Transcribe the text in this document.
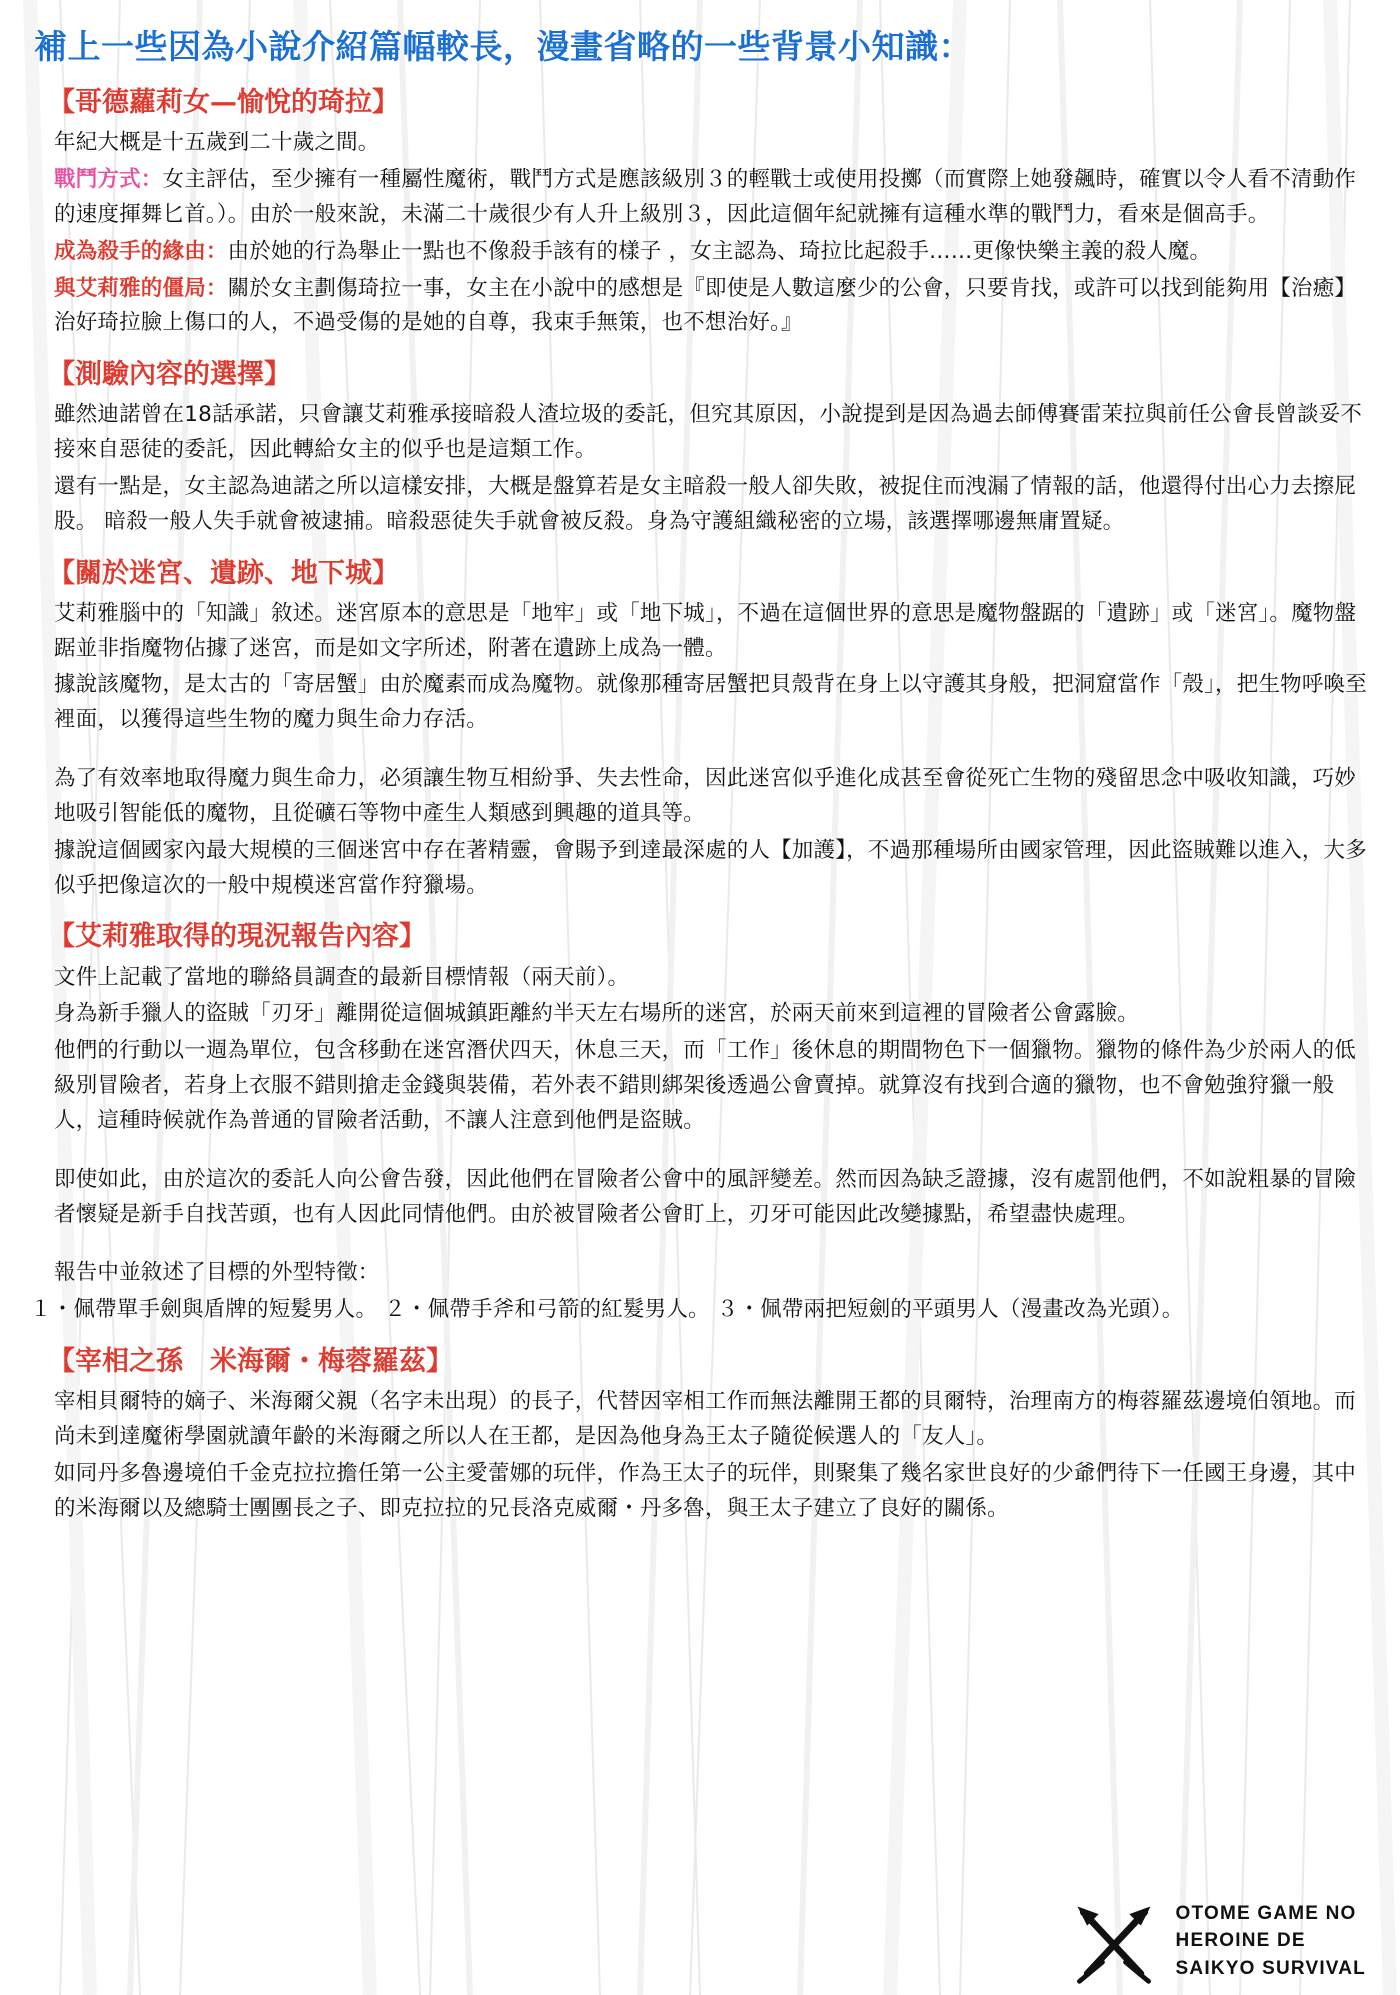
補上一些因為小說介紹篇幅較長，漫畫省略的一些背景小知識：
【哥德蘿莉女—愉悅的琦拉】

年紀大概是十五歲到二十歲之間。

戰鬥方式：女主評估，至少擁有一種屬性魔術，戰鬥方式是應該級別３的輕戰士或使用投擲（而實際上她發飆時，確實以令人看不清動作的速度揮舞匕首。）。由於一般來說，未滿二十歲很少有人升上級別３，因此這個年紀就擁有這種水準的戰鬥力，看來是個高手。

成為殺手的緣由：由於她的行為舉止一點也不像殺手該有的樣子 ，女主認為、琦拉比起殺手……更像快樂主義的殺人魔。

與艾莉雅的僵局：關於女主劃傷琦拉一事，女主在小說中的感想是『即使是人數這麼少的公會，只要肯找，或許可以找到能夠用【治癒】治好琦拉臉上傷口的人，不過受傷的是她的自尊，我束手無策，也不想治好。』

【測驗內容的選擇】

雖然迪諾曾在18話承諾，只會讓艾莉雅承接暗殺人渣垃圾的委託，但究其原因，小說提到是因為過去師傅賽雷茉拉與前任公會長曾談妥不接來自惡徒的委託，因此轉給女主的似乎也是這類工作。

還有一點是，女主認為迪諾之所以這樣安排，大概是盤算若是女主暗殺一般人卻失敗，被捉住而洩漏了情報的話，他還得付出心力去擦屁股。 暗殺一般人失手就會被逮捕。暗殺惡徒失手就會被反殺。身為守護組織秘密的立場，該選擇哪邊無庸置疑。

【關於迷宮、遺跡、地下城】

艾莉雅腦中的「知識」敘述。迷宮原本的意思是「地牢」或「地下城」，不過在這個世界的意思是魔物盤踞的「遺跡」或「迷宮」。魔物盤踞並非指魔物佔據了迷宮，而是如文字所述，附著在遺跡上成為一體。

據說該魔物，是太古的「寄居蟹」由於魔素而成為魔物。就像那種寄居蟹把貝殼背在身上以守護其身般，把洞窟當作「殼」，把生物呼喚至裡面，以獲得這些生物的魔力與生命力存活。

為了有效率地取得魔力與生命力，必須讓生物互相紛爭、失去性命，因此迷宮似乎進化成甚至會從死亡生物的殘留思念中吸收知識，巧妙地吸引智能低的魔物，且從礦石等物中產生人類感到興趣的道具等。

據說這個國家內最大規模的三個迷宮中存在著精靈，會賜予到達最深處的人【加護】，不過那種場所由國家管理，因此盜賊難以進入，大多似乎把像這次的一般中規模迷宮當作狩獵場。

【艾莉雅取得的現況報告內容】

文件上記載了當地的聯絡員調查的最新目標情報（兩天前）。

身為新手獵人的盜賊「刃牙」離開從這個城鎮距離約半天左右場所的迷宮，於兩天前來到這裡的冒險者公會露臉。

他們的行動以一週為單位，包含移動在迷宮潛伏四天，休息三天，而「工作」後休息的期間物色下一個獵物。獵物的條件為少於兩人的低級別冒險者，若身上衣服不錯則搶走金錢與裝備，若外表不錯則綁架後透過公會賣掉。就算沒有找到合適的獵物，也不會勉強狩獵一般人，這種時候就作為普通的冒險者活動，不讓人注意到他們是盜賊。

即使如此，由於這次的委託人向公會告發，因此他們在冒險者公會中的風評變差。然而因為缺乏證據，沒有處罰他們，不如說粗暴的冒險者懷疑是新手自找苦頭，也有人因此同情他們。由於被冒險者公會盯上，刃牙可能因此改變據點，希望盡快處理。

報告中並敘述了目標的外型特徵：

１・佩帶單手劍與盾牌的短髮男人。 ２・佩帶手斧和弓箭的紅髮男人。 ３・佩帶兩把短劍的平頭男人（漫畫改為光頭）。

【宰相之孫　米海爾・梅蓉羅茲】

宰相貝爾特的嫡子、米海爾父親（名字未出現）的長子，代替因宰相工作而無法離開王都的貝爾特，治理南方的梅蓉羅茲邊境伯領地。而尚未到達魔術學園就讀年齡的米海爾之所以人在王都，是因為他身為王太子隨從候選人的「友人」。

如同丹多魯邊境伯千金克拉拉擔任第一公主愛蕾娜的玩伴，作為王太子的玩伴，則聚集了幾名家世良好的少爺們待下一任國王身邊，其中的米海爾以及總騎士團團長之子、即克拉拉的兄長洛克威爾・丹多魯，與王太子建立了良好的關係。

OTOME GAME NO
HEROINE DE
SAIKYO SURVIVAL
